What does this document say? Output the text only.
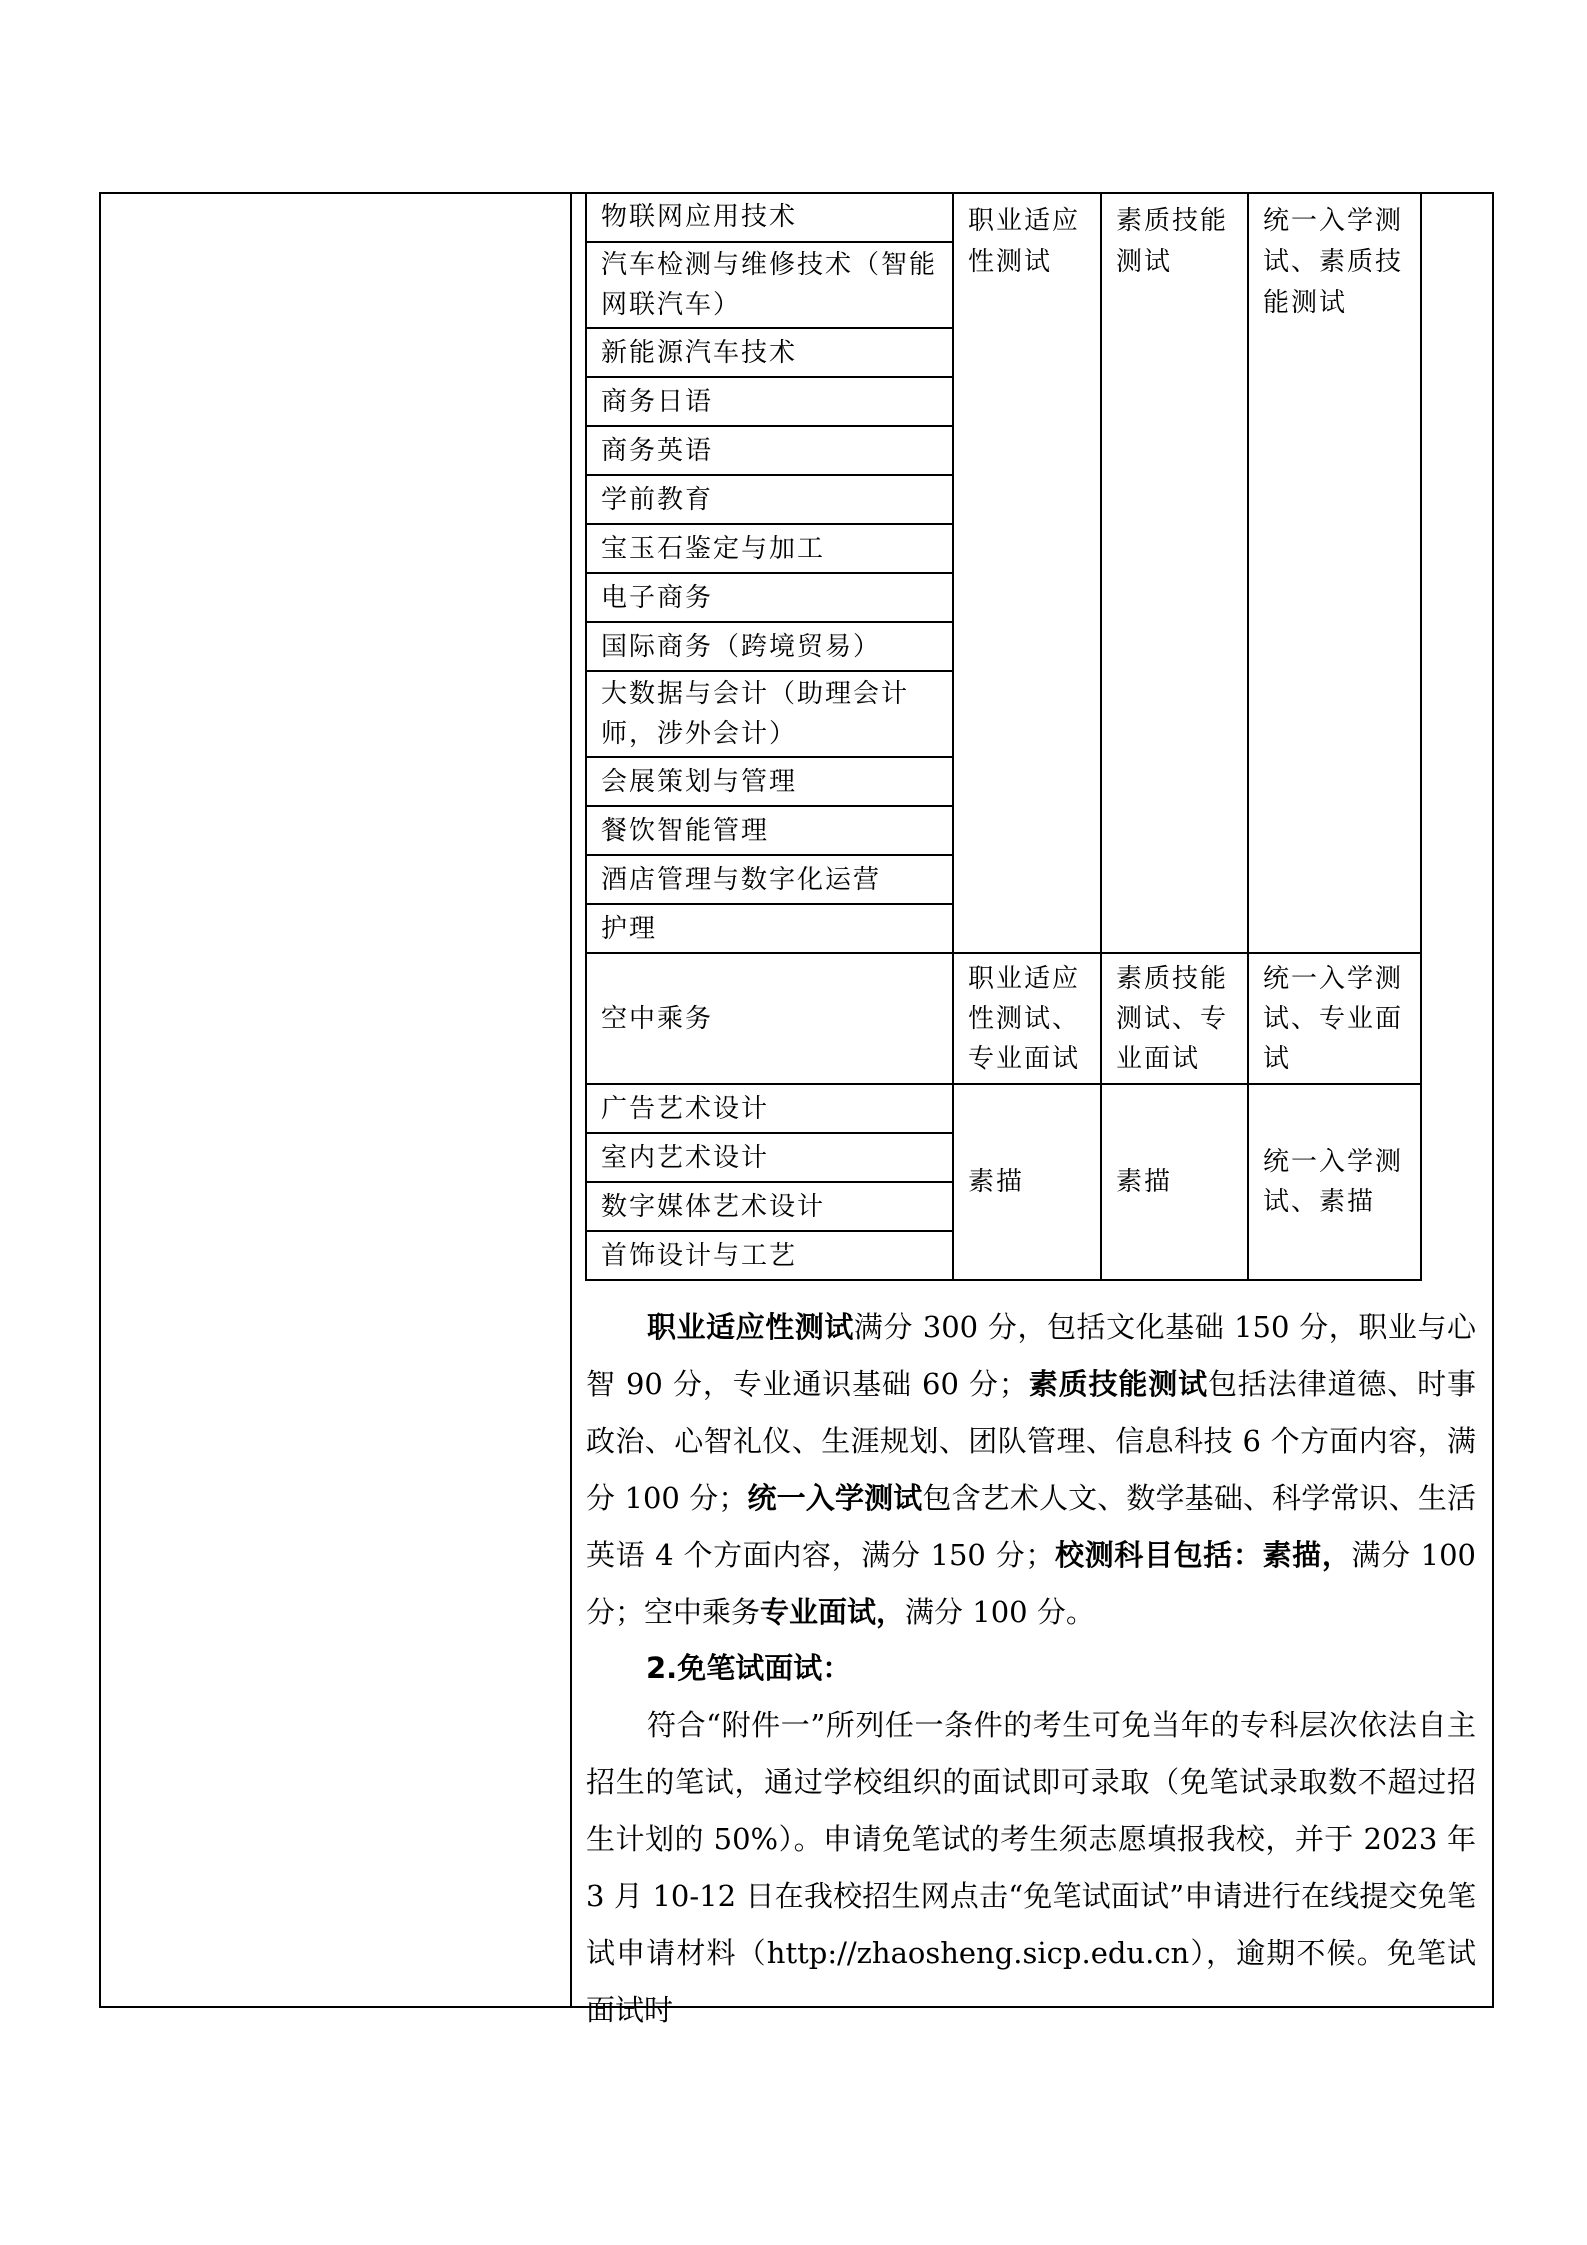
物联网应用技术	职业适应性测试	素质技能测试	统一入学测试、素质技能测试
汽车检测与维修技术（智能网联汽车）			
新能源汽车技术			
商务日语			
商务英语			
学前教育			
宝玉石鉴定与加工			
电子商务			
国际商务（跨境贸易）			
大数据与会计（助理会计师，涉外会计）			
会展策划与管理			
餐饮智能管理			
酒店管理与数字化运营			
护理			
空中乘务	职业适应性测试、专业面试	素质技能测试、专业面试	统一入学测试、专业面试
广告艺术设计	素描	素描	统一入学测试、素描
室内艺术设计			
数字媒体艺术设计			
首饰设计与工艺			
职业适应性测试满分 300 分，包括文化基础 150 分，职业与心智 90 分，专业通识基础 60 分；素质技能测试包括法律道德、时事政治、心智礼仪、生涯规划、团队管理、信息科技 6 个方面内容，满分 100 分；统一入学测试包含艺术人文、数学基础、科学常识、生活英语 4 个方面内容，满分 150 分；校测科目包括：素描，满分 100 分；空中乘务专业面试，满分 100 分。
2.免笔试面试：
符合“附件一”所列任一条件的考生可免当年的专科层次依法自主招生的笔试，通过学校组织的面试即可录取（免笔试录取数不超过招生计划的 50%）。申请免笔试的考生须志愿填报我校，并于 2023 年 3 月 10-12 日在我校招生网点击“免笔试面试”申请进行在线提交免笔试申请材料（http://zhaosheng.sicp.edu.cn），逾期不候。免笔试面试时
